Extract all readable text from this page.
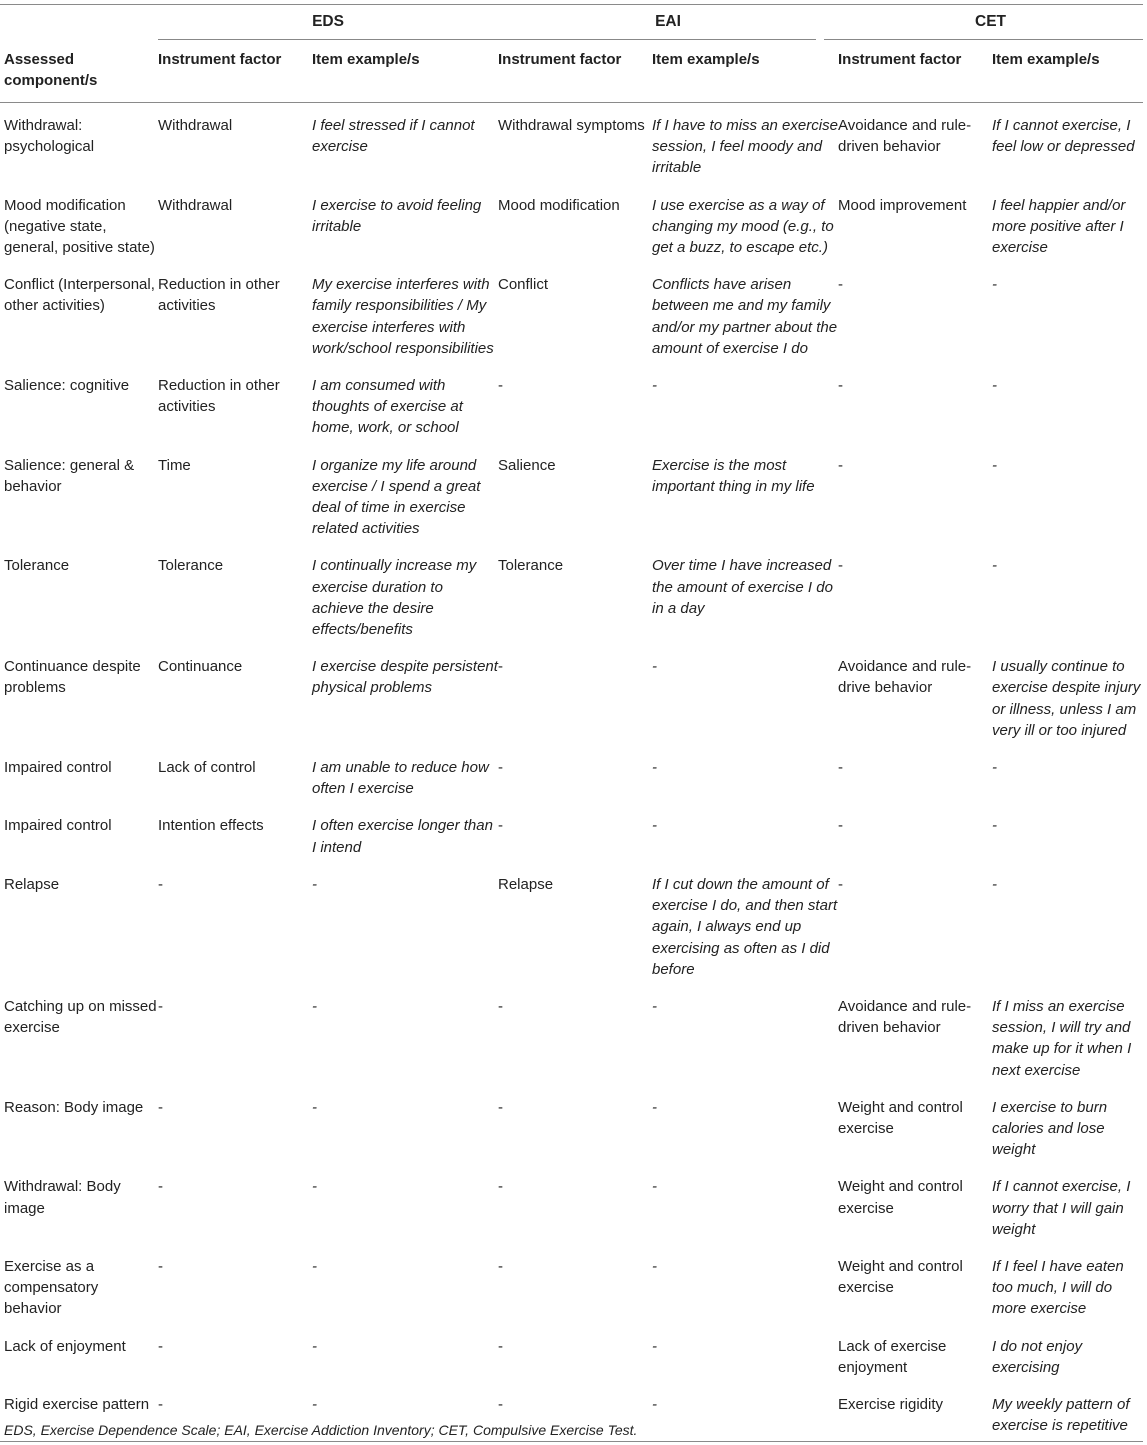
	EDS		EAI		CET	

Assessed component/s	Instrument factor	Item example/s	Instrument factor	Item example/s	Instrument factor	Item example/s
Withdrawal: psychological	Withdrawal	I feel stressed if I cannot exercise	Withdrawal symptoms	If I have to miss an exercise session, I feel moody and irritable	Avoidance and rule-driven behavior	If I cannot exercise, I feel low or depressed
Mood modification (negative state, general, positive state)	Withdrawal	I exercise to avoid feeling irritable	Mood modification	I use exercise as a way of changing my mood (e.g., to get a buzz, to escape etc.)	Mood improvement	I feel happier and/or more positive after I exercise
Conflict (Interpersonal, other activities)	Reduction in other activities	My exercise interferes with family responsibilities / My exercise interferes with work/school responsibilities	Conflict	Conflicts have arisen between me and my family and/or my partner about the amount of exercise I do	-	-
Salience: cognitive	Reduction in other activities	I am consumed with thoughts of exercise at home, work, or school	-	-	-	-
Salience: general & behavior	Time	I organize my life around exercise / I spend a great deal of time in exercise related activities	Salience	Exercise is the most important thing in my life	-	-
Tolerance	Tolerance	I continually increase my exercise duration to achieve the desire effects/benefits	Tolerance	Over time I have increased the amount of exercise I do in a day	-	-
Continuance despite problems	Continuance	I exercise despite persistent physical problems	-	-	Avoidance and rule-drive behavior	I usually continue to exercise despite injury or illness, unless I am very ill or too injured
Impaired control	Lack of control	I am unable to reduce how often I exercise	-	-	-	-
Impaired control	Intention effects	I often exercise longer than I intend	-	-	-	-
Relapse	-	-	Relapse	If I cut down the amount of exercise I do, and then start again, I always end up exercising as often as I did before	-	-
Catching up on missed exercise	-	-	-	-	Avoidance and rule-driven behavior	If I miss an exercise session, I will try and make up for it when I next exercise
Reason: Body image	-	-	-	-	Weight and control exercise	I exercise to burn calories and lose weight
Withdrawal: Body image	-	-	-	-	Weight and control exercise	If I cannot exercise, I worry that I will gain weight
Exercise as a compensatory behavior	-	-	-	-	Weight and control exercise	If I feel I have eaten too much, I will do more exercise
Lack of enjoyment	-	-	-	-	Lack of exercise enjoyment	I do not enjoy exercising
Rigid exercise pattern	-	-	-	-	Exercise rigidity	My weekly pattern of exercise is repetitive
EDS, Exercise Dependence Scale; EAI, Exercise Addiction Inventory; CET, Compulsive Exercise Test.
